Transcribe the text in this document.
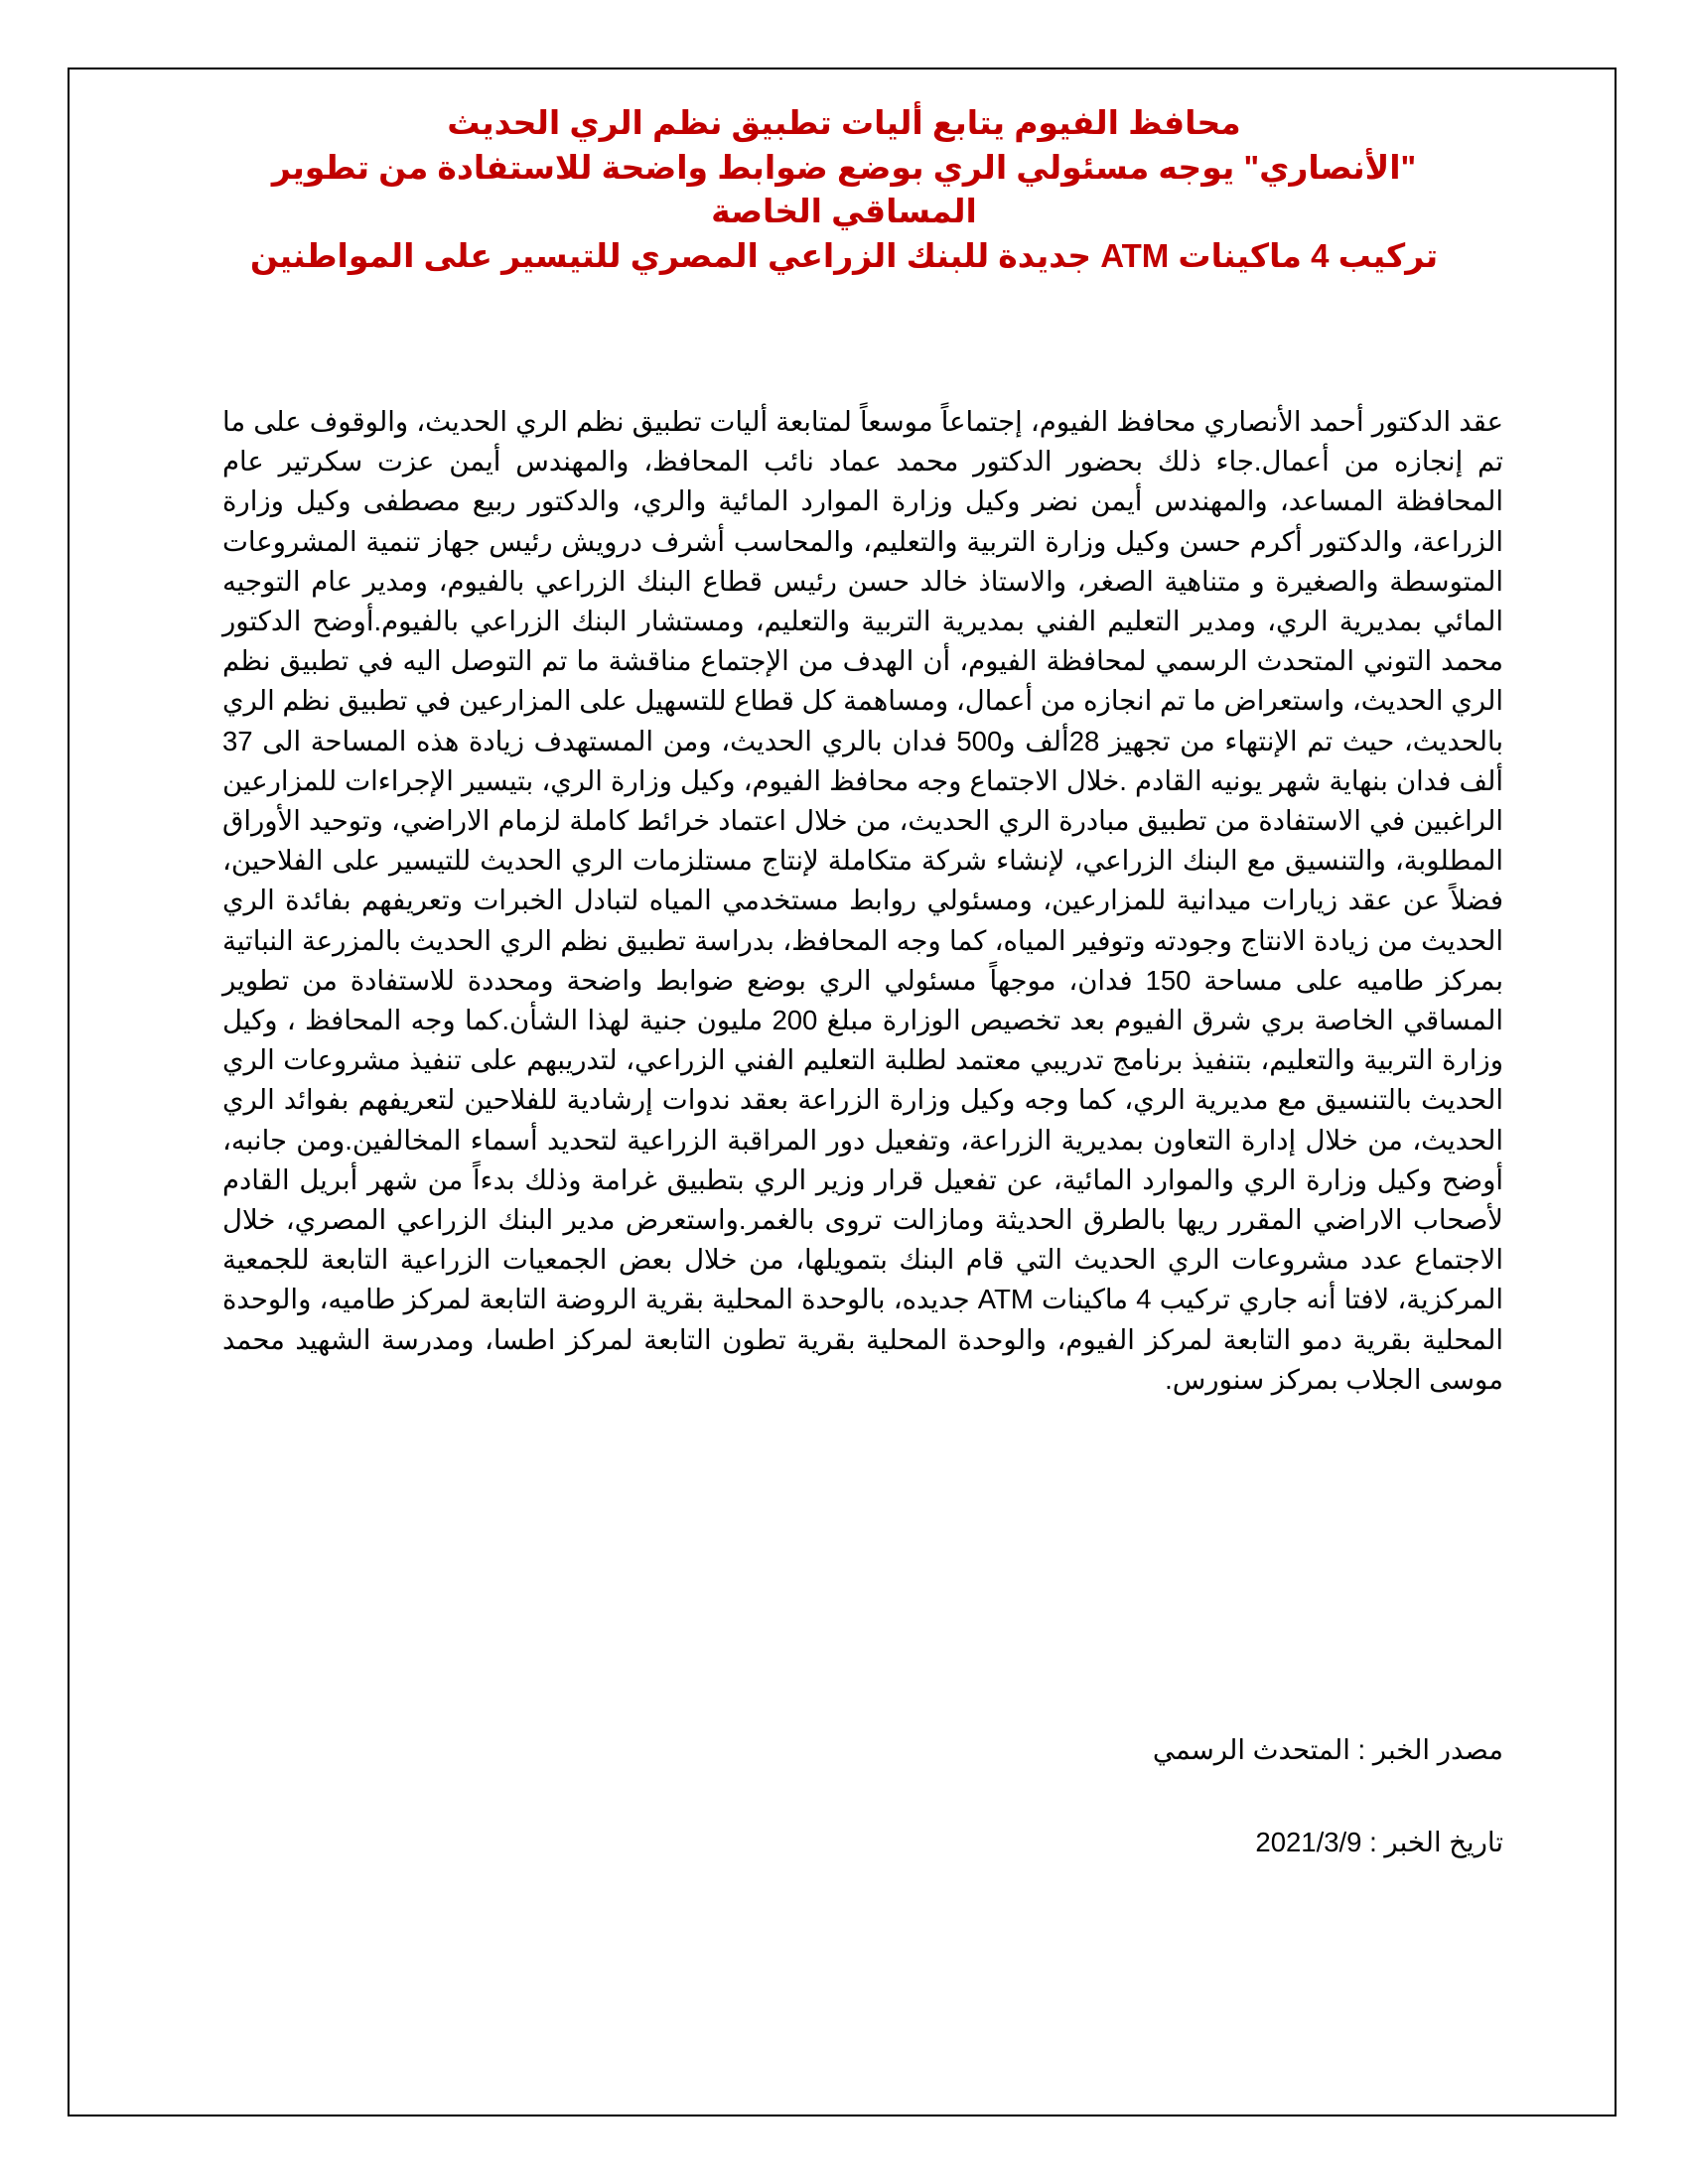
محافظ الفيوم يتابع أليات تطبيق نظم الري الحديث
"الأنصاري" يوجه مسئولي الري بوضع ضوابط واضحة للاستفادة من تطوير المساقي الخاصة
تركيب 4 ماكينات ATM جديدة للبنك الزراعي المصري للتيسير على المواطنين

عقد الدكتور أحمد الأنصاري محافظ الفيوم، إجتماعاً موسعاً لمتابعة أليات تطبيق نظم الري الحديث، والوقوف على ما تم إنجازه من أعمال.جاء ذلك بحضور الدكتور محمد عماد نائب المحافظ، والمهندس أيمن عزت سكرتير عام المحافظة المساعد، والمهندس أيمن نضر وكيل وزارة الموارد المائية والري، والدكتور ربيع مصطفى وكيل وزارة الزراعة، والدكتور أكرم حسن وكيل وزارة التربية والتعليم، والمحاسب أشرف درويش رئيس جهاز تنمية المشروعات المتوسطة والصغيرة و متناهية الصغر، والاستاذ خالد حسن رئيس قطاع البنك الزراعي بالفيوم، ومدير عام التوجيه المائي بمديرية الري، ومدير التعليم الفني بمديرية التربية والتعليم، ومستشار البنك الزراعي بالفيوم.أوضح الدكتور محمد التوني المتحدث الرسمي لمحافظة الفيوم، أن الهدف من الإجتماع مناقشة ما تم التوصل اليه في تطبيق نظم الري الحديث، واستعراض ما تم انجازه من أعمال، ومساهمة كل قطاع للتسهيل على المزارعين في تطبيق نظم الري بالحديث، حيث تم الإنتهاء من تجهيز 28ألف و500 فدان بالري الحديث، ومن المستهدف زيادة هذه المساحة الى 37 ألف فدان بنهاية شهر يونيه القادم .خلال الاجتماع وجه محافظ الفيوم، وكيل وزارة الري، بتيسير الإجراءات للمزارعين الراغبين في الاستفادة من تطبيق مبادرة الري الحديث، من خلال اعتماد خرائط كاملة لزمام الاراضي، وتوحيد الأوراق المطلوبة، والتنسيق مع البنك الزراعي، لإنشاء شركة متكاملة لإنتاج مستلزمات الري الحديث للتيسير على الفلاحين، فضلاً عن عقد زيارات ميدانية للمزارعين، ومسئولي روابط مستخدمي المياه لتبادل الخبرات وتعريفهم بفائدة الري الحديث من زيادة الانتاج وجودته وتوفير المياه، كما وجه المحافظ، بدراسة تطبيق نظم الري الحديث بالمزرعة النباتية بمركز طاميه على مساحة 150 فدان، موجهاً مسئولي الري بوضع ضوابط واضحة ومحددة للاستفادة من تطوير المساقي الخاصة بري شرق الفيوم بعد تخصيص الوزارة مبلغ 200 مليون جنية لهذا الشأن.كما وجه المحافظ ، وكيل وزارة التربية والتعليم، بتنفيذ برنامج تدريبي معتمد لطلبة التعليم الفني الزراعي، لتدريبهم على تنفيذ مشروعات الري الحديث بالتنسيق مع مديرية الري، كما وجه وكيل وزارة الزراعة بعقد ندوات إرشادية للفلاحين لتعريفهم بفوائد الري الحديث، من خلال إدارة التعاون بمديرية الزراعة، وتفعيل دور المراقبة الزراعية لتحديد أسماء المخالفين.ومن جانبه، أوضح وكيل وزارة الري والموارد المائية، عن تفعيل قرار وزير الري بتطبيق غرامة وذلك بدءاً من شهر أبريل القادم لأصحاب الاراضي المقرر ريها بالطرق الحديثة ومازالت تروى بالغمر.واستعرض مدير البنك الزراعي المصري، خلال الاجتماع عدد مشروعات الري الحديث التي قام البنك بتمويلها، من خلال بعض الجمعيات الزراعية التابعة للجمعية المركزية، لافتا أنه جاري تركيب 4 ماكينات ATM جديده، بالوحدة المحلية بقرية الروضة التابعة لمركز طاميه، والوحدة المحلية بقرية دمو التابعة لمركز الفيوم، والوحدة المحلية بقرية تطون التابعة لمركز اطسا، ومدرسة الشهيد محمد موسى الجلاب بمركز سنورس.

مصدر الخبر : المتحدث الرسمي
تاريخ الخبر : 2021/3/9
